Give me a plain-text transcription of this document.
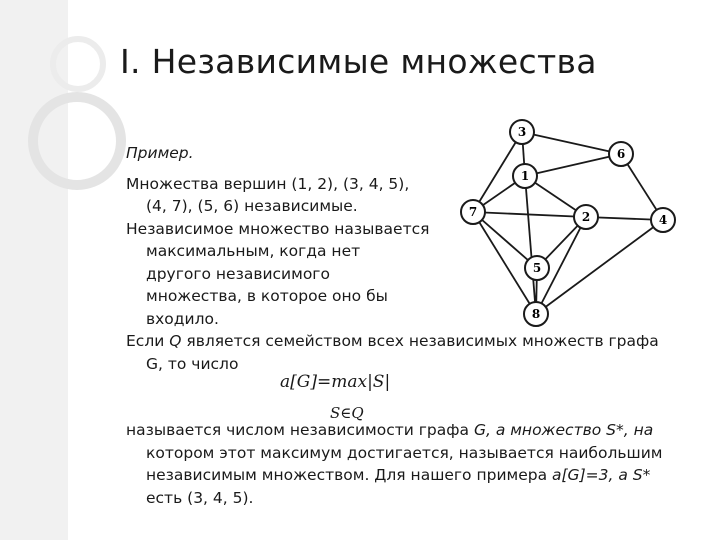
I. Независимые множества

Пример.

Множества вершин (1, 2), (3, 4, 5),

(4, 7), (5, 6) независимые.

Независимое множество называется

максимальным, когда нет

другого независимого

множества, в которое оно бы

входило.

Если Q является семейством всех независимых множеств графа

G, то число

называется числом независимости графа G, а множество S*, на

котором этот максимум достигается, называется наибольшим

независимым множеством. Для нашего примера a[G]=3, а S*

есть (3, 4, 5).

a[G]=max|S|
S∈Q
1
2
3
4
5
6
7
8
